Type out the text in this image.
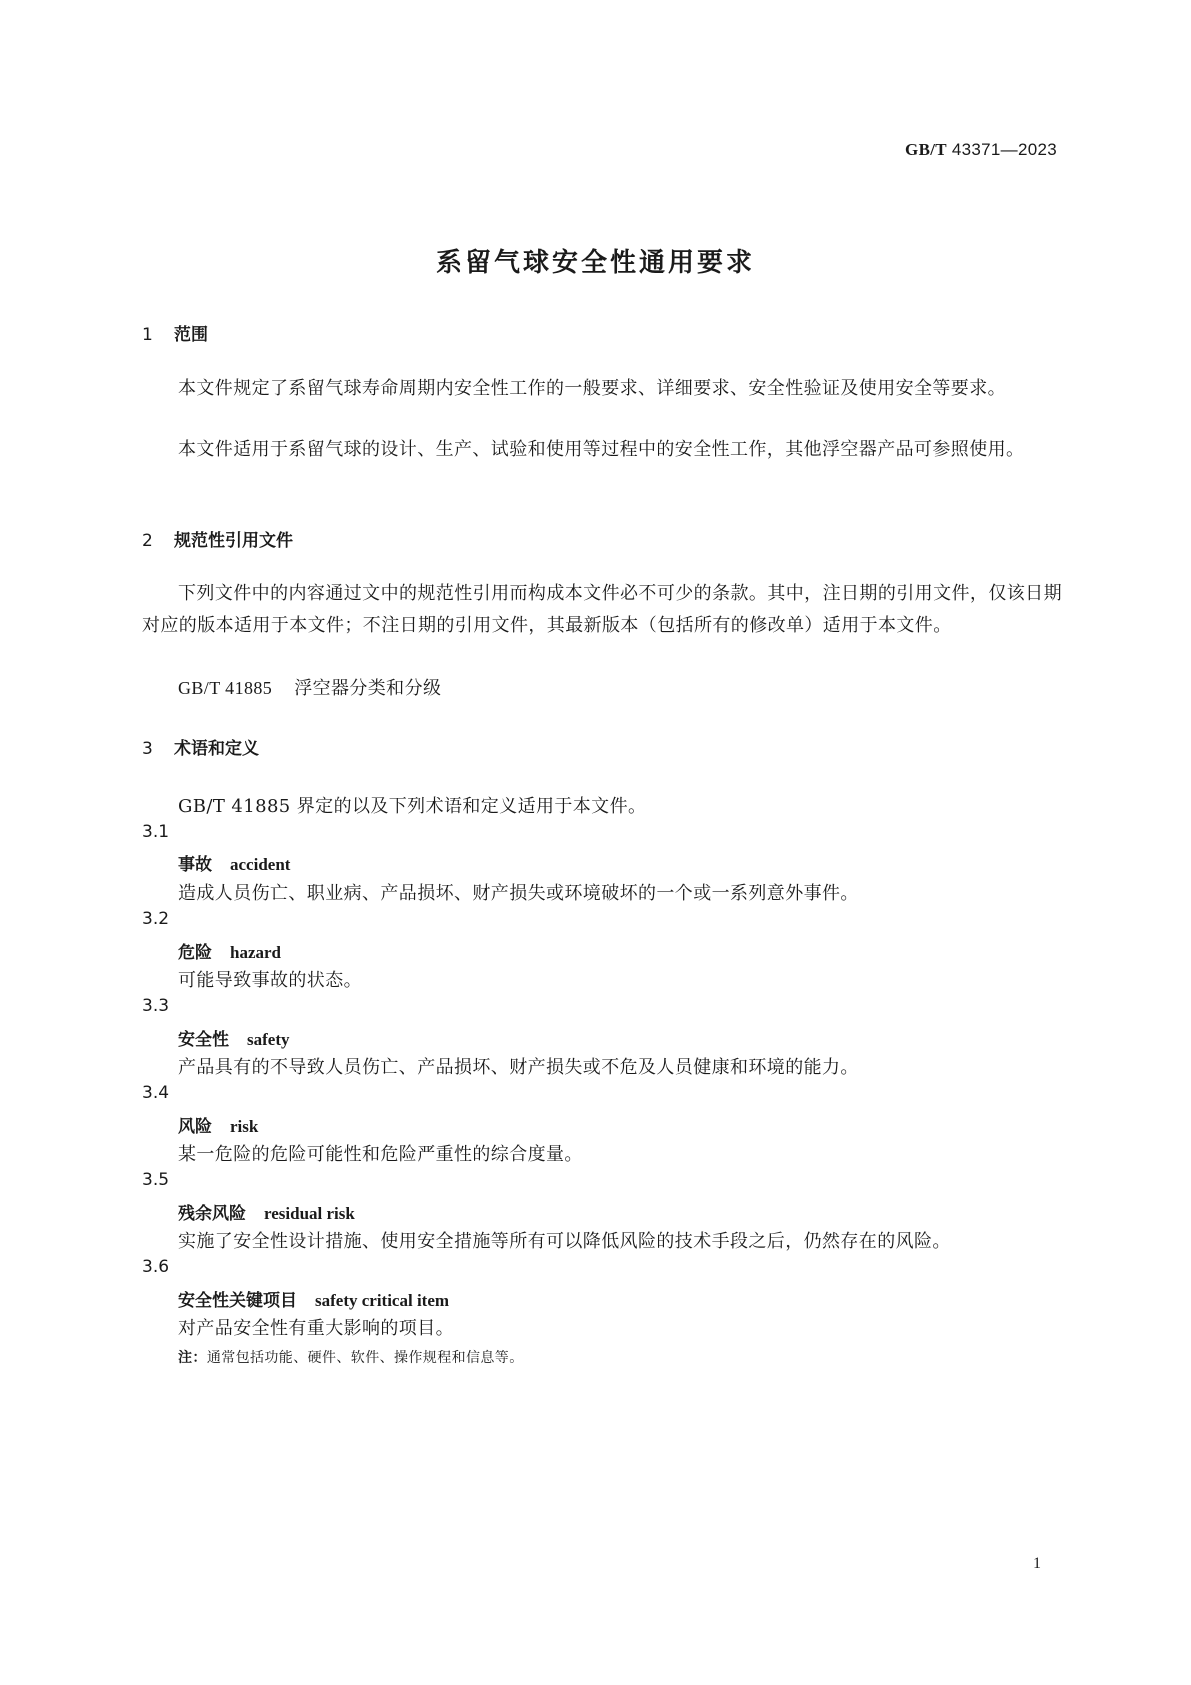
GB/T 43371—2023
系留气球安全性通用要求
1 范围
本文件规定了系留气球寿命周期内安全性工作的一般要求、详细要求、安全性验证及使用安全等要求。
本文件适用于系留气球的设计、生产、试验和使用等过程中的安全性工作，其他浮空器产品可参照使用。
2 规范性引用文件
下列文件中的内容通过文中的规范性引用而构成本文件必不可少的条款。其中，注日期的引用文件，仅该日期对应的版本适用于本文件；不注日期的引用文件，其最新版本（包括所有的修改单）适用于本文件。
GB/T 41885 浮空器分类和分级
3 术语和定义
GB/T 41885 界定的以及下列术语和定义适用于本文件。
3.1
事故 accident
造成人员伤亡、职业病、产品损坏、财产损失或环境破坏的一个或一系列意外事件。
3.2
危险 hazard
可能导致事故的状态。
3.3
安全性 safety
产品具有的不导致人员伤亡、产品损坏、财产损失或不危及人员健康和环境的能力。
3.4
风险 risk
某一危险的危险可能性和危险严重性的综合度量。
3.5
残余风险 residual risk
实施了安全性设计措施、使用安全措施等所有可以降低风险的技术手段之后，仍然存在的风险。
3.6
安全性关键项目 safety critical item
对产品安全性有重大影响的项目。
注：通常包括功能、硬件、软件、操作规程和信息等。
1
